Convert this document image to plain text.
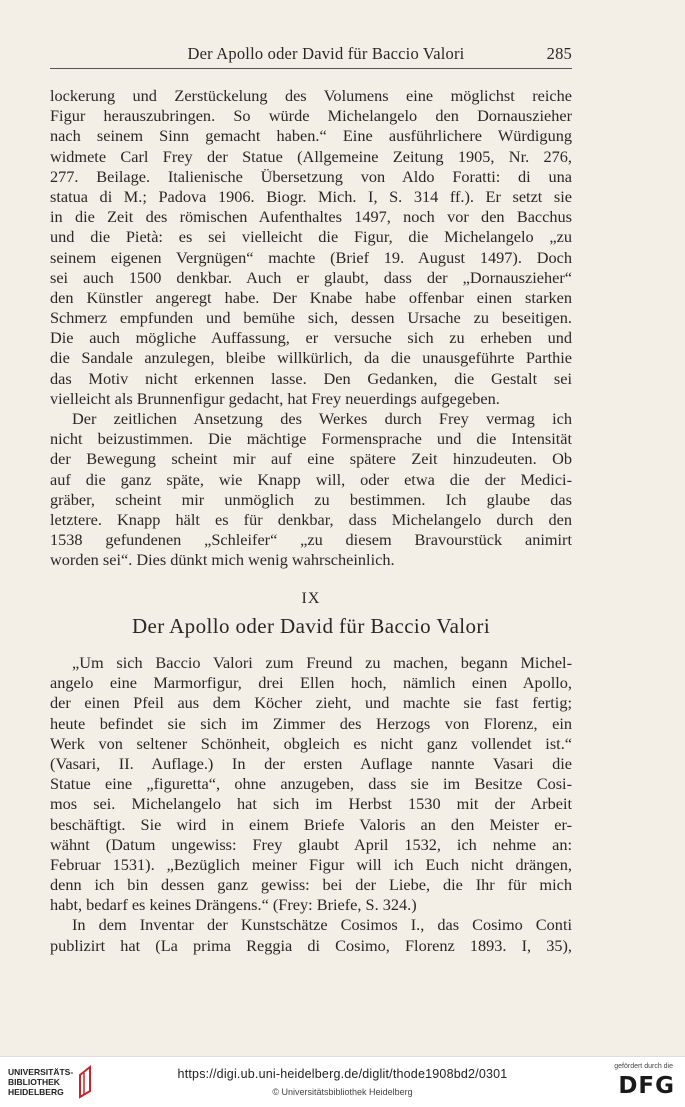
Der Apollo oder David für Baccio Valori	285
lockerung und Zerstückelung des Volumens eine möglichst reiche
Figur herauszubringen. So würde Michelangelo den Dornauszieher
nach seinem Sinn gemacht haben.“ Eine ausführlichere Würdigung
widmete Carl Frey der Statue (Allgemeine Zeitung 1905, Nr. 276,
277. Beilage. Italienische Übersetzung von Aldo Foratti: di una
statua di M.; Padova 1906. Biogr. Mich. I, S. 314 ff.). Er setzt sie
in die Zeit des römischen Aufenthaltes 1497, noch vor den Bacchus
und die Pietà: es sei vielleicht die Figur, die Michelangelo „zu
seinem eigenen Vergnügen“ machte (Brief 19. August 1497). Doch
sei auch 1500 denkbar. Auch er glaubt, dass der „Dornauszieher“
den Künstler angeregt habe. Der Knabe habe offenbar einen starken
Schmerz empfunden und bemühe sich, dessen Ursache zu beseitigen.
Die auch mögliche Auffassung, er versuche sich zu erheben und
die Sandale anzulegen, bleibe willkürlich, da die unausgeführte Parthie
das Motiv nicht erkennen lasse. Den Gedanken, die Gestalt sei
vielleicht als Brunnenfigur gedacht, hat Frey neuerdings aufgegeben.
Der zeitlichen Ansetzung des Werkes durch Frey vermag ich
nicht beizustimmen. Die mächtige Formensprache und die Intensität
der Bewegung scheint mir auf eine spätere Zeit hinzudeuten. Ob
auf die ganz späte, wie Knapp will, oder etwa die der Medici-
gräber, scheint mir unmöglich zu bestimmen. Ich glaube das
letztere. Knapp hält es für denkbar, dass Michelangelo durch den
1538 gefundenen „Schleifer“ „zu diesem Bravourstück animirt
worden sei“. Dies dünkt mich wenig wahrscheinlich.
IX
Der Apollo oder David für Baccio Valori
„Um sich Baccio Valori zum Freund zu machen, begann Michel-
angelo eine Marmorfigur, drei Ellen hoch, nämlich einen Apollo,
der einen Pfeil aus dem Köcher zieht, und machte sie fast fertig;
heute befindet sie sich im Zimmer des Herzogs von Florenz, ein
Werk von seltener Schönheit, obgleich es nicht ganz vollendet ist.“
(Vasari, II. Auflage.) In der ersten Auflage nannte Vasari die
Statue eine „figuretta“, ohne anzugeben, dass sie im Besitze Cosi-
mos sei. Michelangelo hat sich im Herbst 1530 mit der Arbeit
beschäftigt. Sie wird in einem Briefe Valoris an den Meister er-
wähnt (Datum ungewiss: Frey glaubt April 1532, ich nehme an:
Februar 1531). „Bezüglich meiner Figur will ich Euch nicht drängen,
denn ich bin dessen ganz gewiss: bei der Liebe, die Ihr für mich
habt, bedarf es keines Drängens.“ (Frey: Briefe, S. 324.)
In dem Inventar der Kunstschätze Cosimos I., das Cosimo Conti
publizirt hat (La prima Reggia di Cosimo, Florenz 1893. I, 35),
UNIVERSITÄTS-
BIBLIOTHEK
HEIDELBERG
https://digi.ub.uni-heidelberg.de/diglit/thode1908bd2/0301
© Universitätsbibliothek Heidelberg
gefördert durch die
DFG
